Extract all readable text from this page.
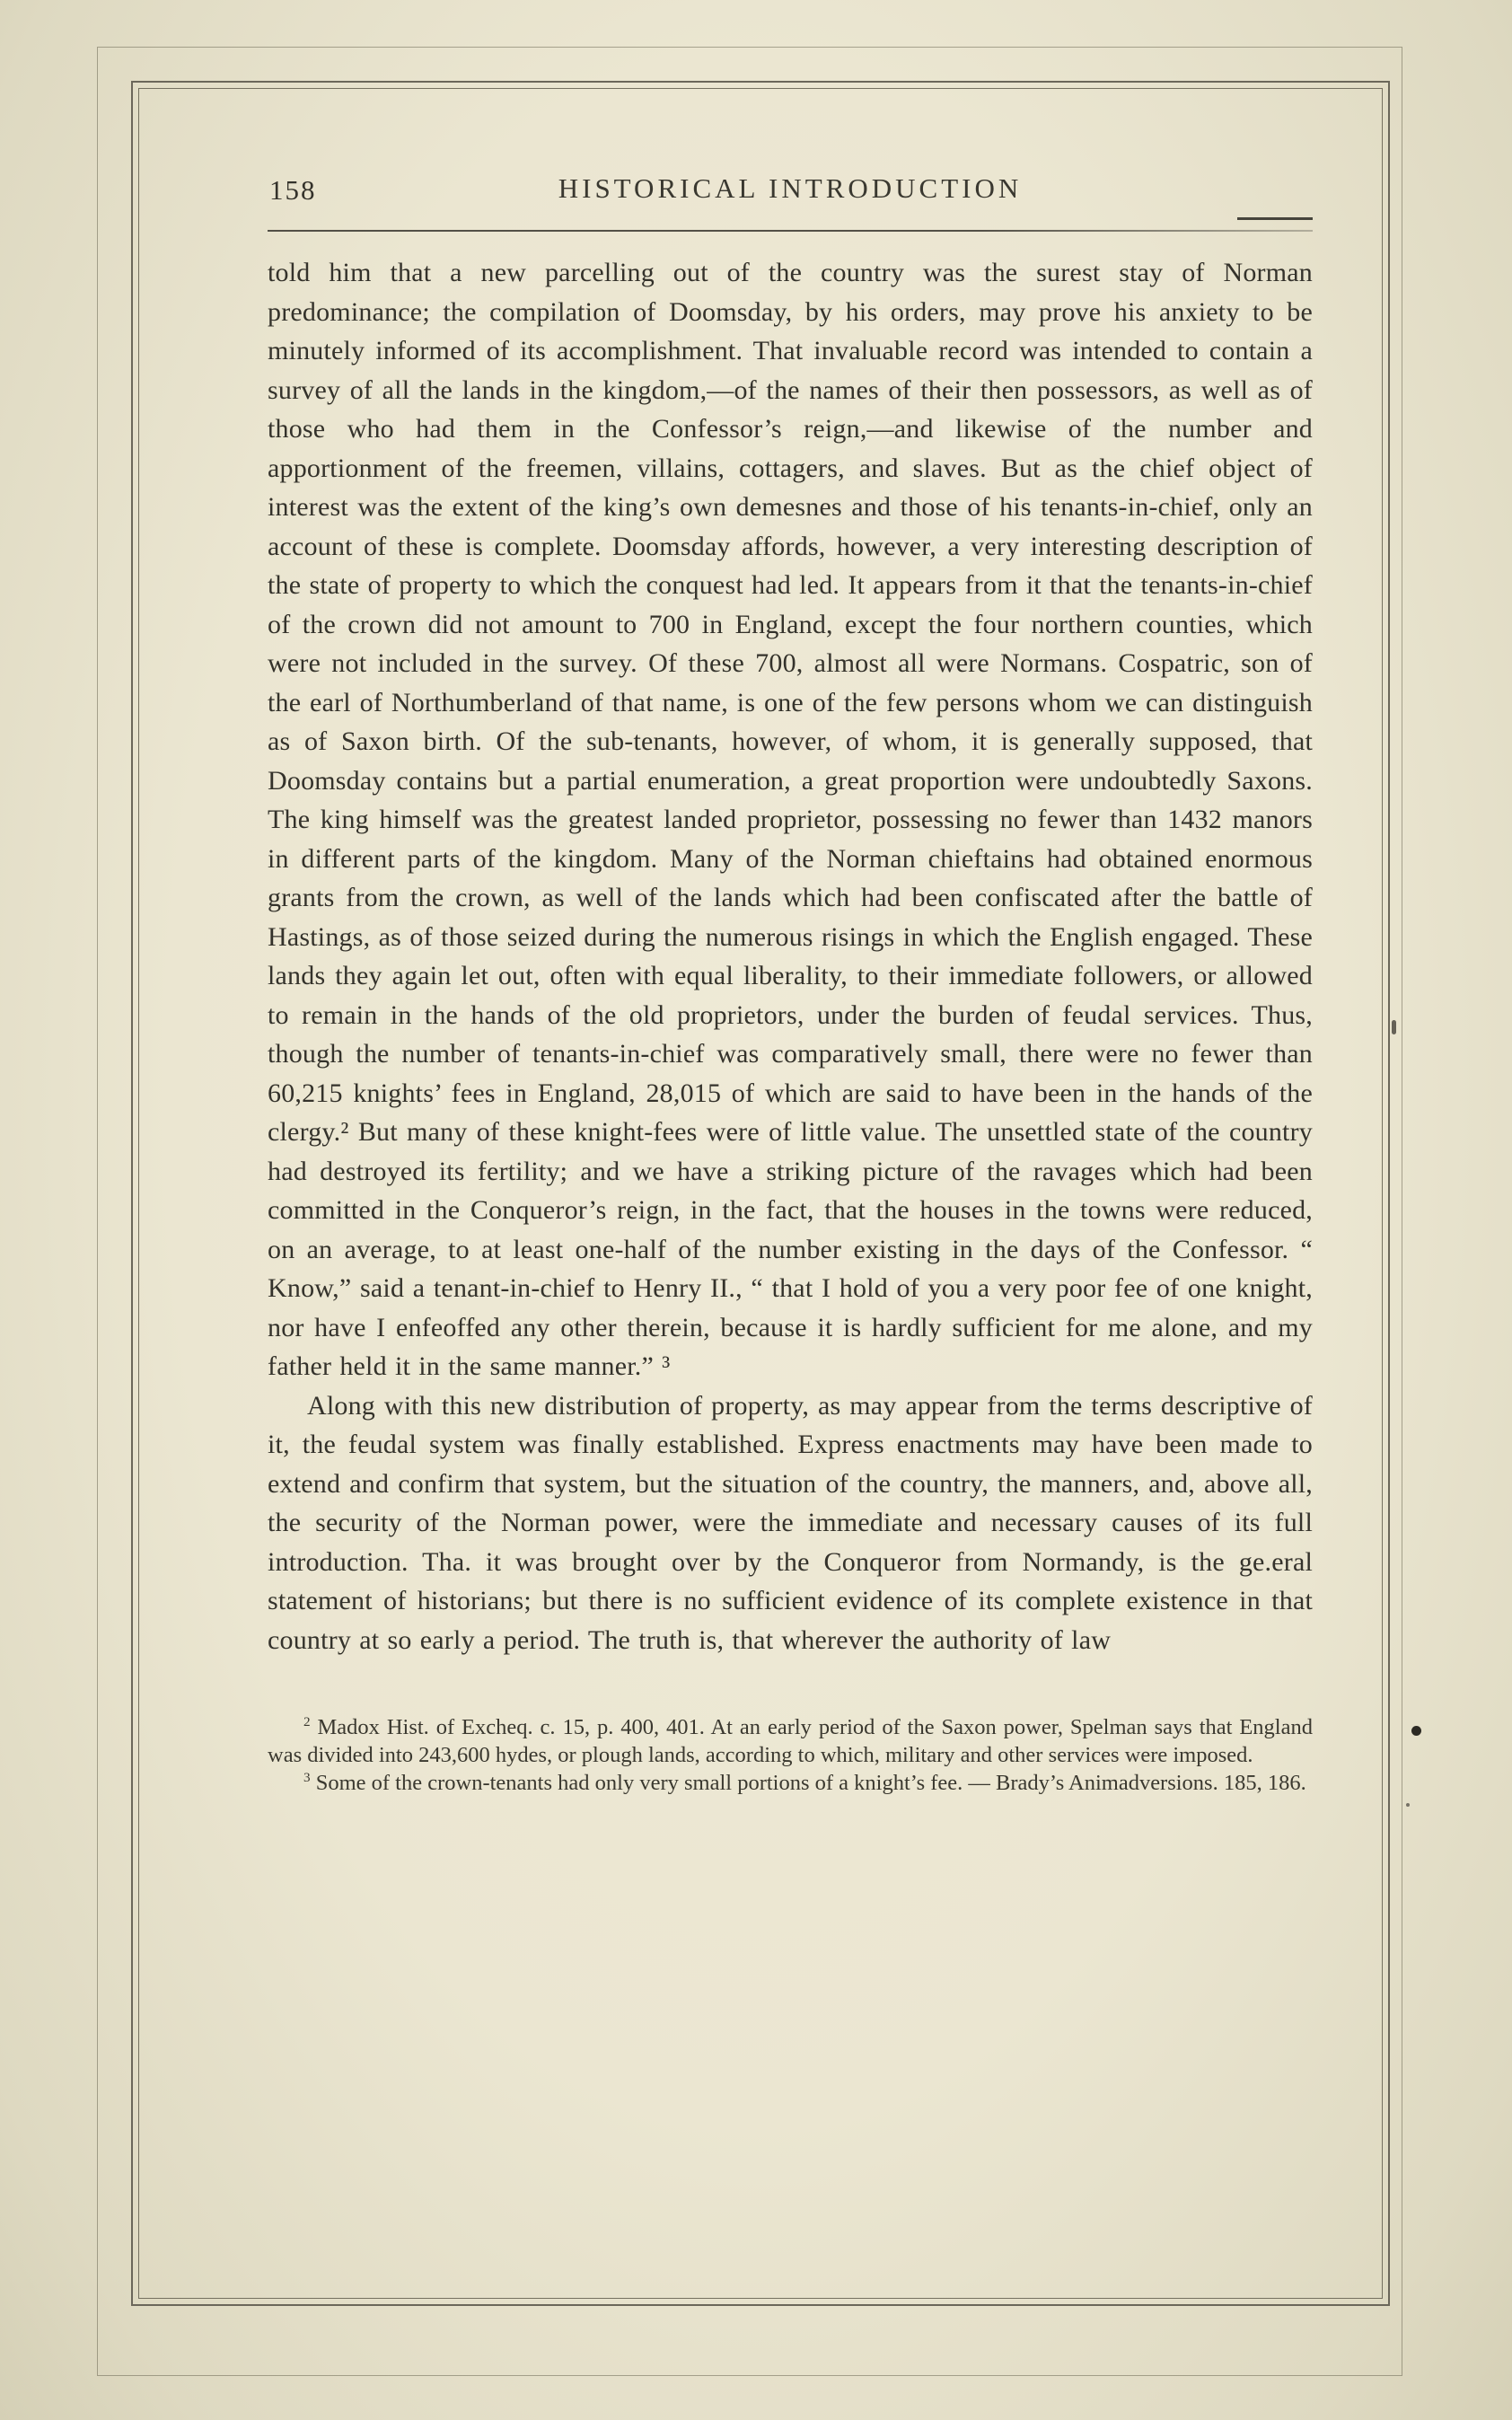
158	HISTORICAL INTRODUCTION

told him that a new parcelling out of the country was the surest stay of Norman predominance; the compilation of Doomsday, by his orders, may prove his anxiety to be minutely informed of its accomplishment. That invaluable record was intended to contain a survey of all the lands in the kingdom,—of the names of their then possessors, as well as of those who had them in the Confessor’s reign,—and likewise of the number and apportionment of the freemen, villains, cottagers, and slaves. But as the chief object of interest was the extent of the king’s own demesnes and those of his tenants-in-chief, only an account of these is complete. Doomsday affords, however, a very interesting description of the state of property to which the conquest had led. It appears from it that the tenants-in-chief of the crown did not amount to 700 in England, except the four northern counties, which were not included in the survey. Of these 700, almost all were Normans. Cospatric, son of the earl of Northumberland of that name, is one of the few persons whom we can distinguish as of Saxon birth. Of the sub-tenants, however, of whom, it is generally supposed, that Doomsday contains but a partial enumeration, a great proportion were undoubtedly Saxons. The king himself was the greatest landed proprietor, possessing no fewer than 1432 manors in different parts of the kingdom. Many of the Norman chieftains had obtained enormous grants from the crown, as well of the lands which had been confiscated after the battle of Hastings, as of those seized during the numerous risings in which the English engaged. These lands they again let out, often with equal liberality, to their immediate followers, or allowed to remain in the hands of the old proprietors, under the burden of feudal services. Thus, though the number of tenants-in-chief was comparatively small, there were no fewer than 60,215 knights’ fees in England, 28,015 of which are said to have been in the hands of the clergy.² But many of these knight-fees were of little value. The unsettled state of the country had destroyed its fertility; and we have a striking picture of the ravages which had been committed in the Conqueror’s reign, in the fact, that the houses in the towns were reduced, on an average, to at least one-half of the number existing in the days of the Confessor. “ Know,” said a tenant-in-chief to Henry II., “ that I hold of you a very poor fee of one knight, nor have I enfeoffed any other therein, because it is hardly sufficient for me alone, and my father held it in the same manner.” ³

Along with this new distribution of property, as may appear from the terms descriptive of it, the feudal system was finally established. Express enactments may have been made to extend and confirm that system, but the situation of the country, the manners, and, above all, the security of the Norman power, were the immediate and necessary causes of its full introduction. Tha. it was brought over by the Conqueror from Normandy, is the ge.eral statement of historians; but there is no sufficient evidence of its complete existence in that country at so early a period. The truth is, that wherever the authority of law

$^2$ Madox Hist. of Excheq. c. 15, p. 400, 401. At an early period of the Saxon power, Spelman says that England was divided into 243,600 hydes, or plough lands, according to which, military and other services were imposed.

$^3$ Some of the crown-tenants had only very small portions of a knight’s fee. — Brady’s Animadversions. 185, 186.
